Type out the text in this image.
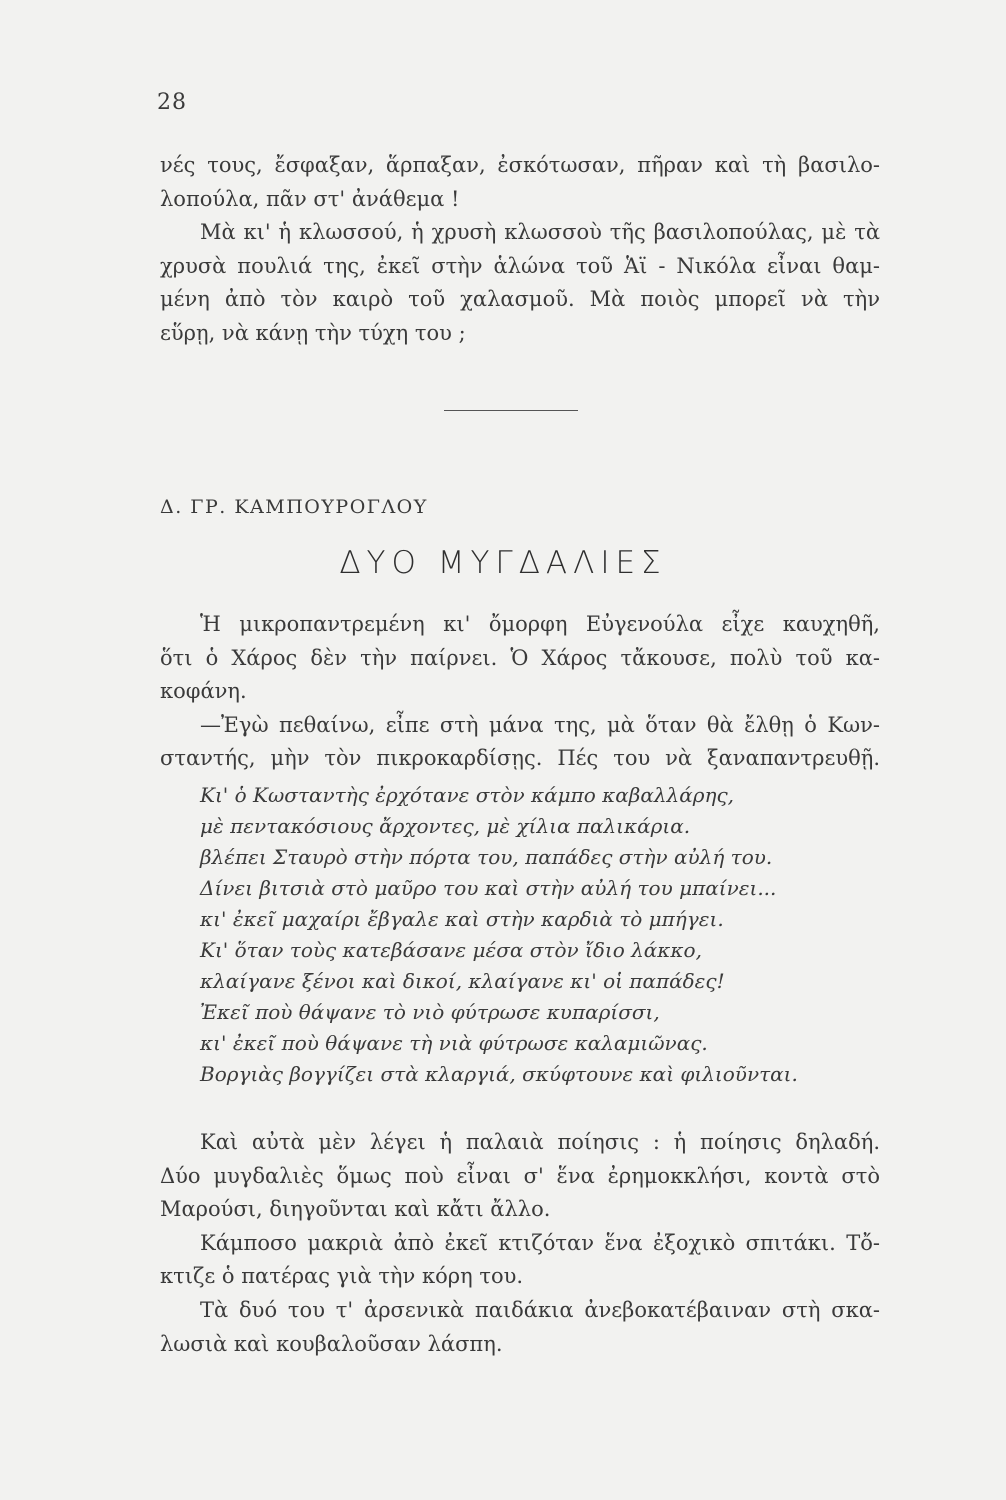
28
νές τους, ἔσφαξαν, ἅρπαξαν, ἐσκότωσαν, πῆραν καὶ τὴ βασιλο-
λοπούλα, πᾶν στ' ἀνάθεμα !
Μὰ κι' ἡ κλωσσού, ἡ χρυσὴ κλωσσοὺ τῆς βασιλοπούλας, μὲ τὰ
χρυσὰ πουλιά της, ἐκεῖ στὴν ἁλώνα τοῦ Ἁϊ - Νικόλα εἶναι θαμ-
μένη ἀπὸ τὸν καιρὸ τοῦ χαλασμοῦ. Μὰ ποιὸς μπορεῖ νὰ τὴν
εὕρῃ, νὰ κάνῃ τὴν τύχη του ;
Δ. ΓΡ. ΚΑΜΠΟΥΡΟΓΛΟΥ
ΔΥΟ ΜΥΓΔΑΛΙΕΣ
Ἡ μικροπαντρεμένη κι' ὄμορφη Εὐγενούλα εἶχε καυχηθῆ,
ὅτι ὁ Χάρος δὲν τὴν παίρνει. Ὁ Χάρος τἄκουσε, πολὺ τοῦ κα-
κοφάνη.
—Ἐγὼ πεθαίνω, εἶπε στὴ μάνα της, μὰ ὅταν θὰ ἔλθῃ ὁ Κων-
σταντής, μὴν τὸν πικροκαρδίσῃς. Πές του νὰ ξαναπαντρευθῇ.
Κι' ὁ Κωσταντὴς ἐρχότανε στὸν κάμπο καβαλλάρης,
μὲ πεντακόσιους ἄρχοντες, μὲ χίλια παλικάρια.
βλέπει Σταυρὸ στὴν πόρτα του, παπάδες στὴν αὐλή του.
Δίνει βιτσιὰ στὸ μαῦρο του καὶ στὴν αὐλή του μπαίνει...
κι' ἐκεῖ μαχαίρι ἔβγαλε καὶ στὴν καρδιὰ τὸ μπήγει.
Κι' ὅταν τοὺς κατεβάσανε μέσα στὸν ἴδιο λάκκο,
κλαίγανε ξένοι καὶ δικοί, κλαίγανε κι' οἱ παπάδες!
Ἐκεῖ ποὺ θάψανε τὸ νιὸ φύτρωσε κυπαρίσσι,
κι' ἐκεῖ ποὺ θάψανε τὴ νιὰ φύτρωσε καλαμιῶνας.
Βοργιὰς βογγίζει στὰ κλαργιά, σκύφτουνε καὶ φιλιοῦνται.
Καὶ αὐτὰ μὲν λέγει ἡ παλαιὰ ποίησις : ἡ ποίησις δηλαδή.
Δύο μυγδαλιὲς ὅμως ποὺ εἶναι σ' ἕνα ἐρημοκκλήσι, κοντὰ στὸ
Μαρούσι, διηγοῦνται καὶ κἄτι ἄλλο.
Κάμποσο μακριὰ ἀπὸ ἐκεῖ κτιζόταν ἕνα ἐξοχικὸ σπιτάκι. Τὄ-
κτιζε ὁ πατέρας γιὰ τὴν κόρη του.
Τὰ δυό του τ' ἀρσενικὰ παιδάκια ἀνεβοκατέβαιναν στὴ σκα-
λωσιὰ καὶ κουβαλοῦσαν λάσπη.
